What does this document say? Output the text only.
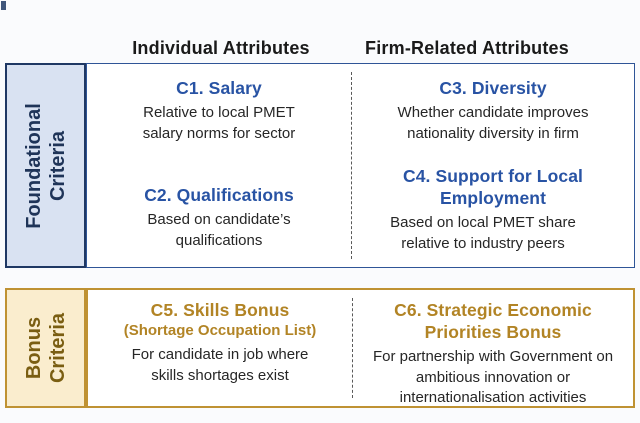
Individual Attributes	Firm-Related Attributes
Foundational Criteria
C1. Salary
Relative to local PMET salary norms for sector
C2. Qualifications
Based on candidate’s qualifications
C3. Diversity
Whether candidate improves nationality diversity in firm
C4. Support for Local Employment
Based on local PMET share relative to industry peers
Bonus Criteria
C5. Skills Bonus
(Shortage Occupation List)
For candidate in job where skills shortages exist
C6. Strategic Economic Priorities Bonus
For partnership with Government on ambitious innovation or internationalisation activities
